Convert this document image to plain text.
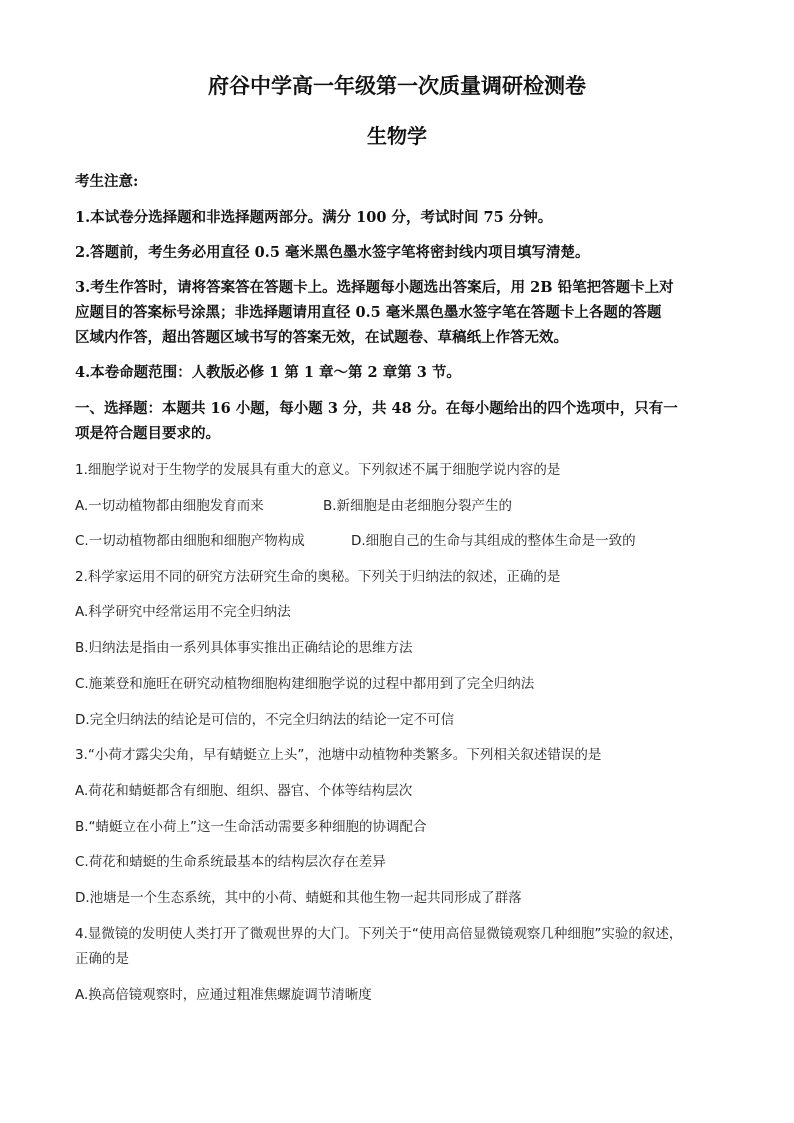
府谷中学高一年级第一次质量调研检测卷
生物学
考生注意:
1.本试卷分选择题和非选择题两部分。满分 100 分，考试时间 75 分钟。
2.答题前，考生务必用直径 0.5 毫米黑色墨水签字笔将密封线内项目填写清楚。
3.考生作答时，请将答案答在答题卡上。选择题每小题选出答案后，用 2B 铅笔把答题卡上对
应题目的答案标号涂黑；非选择题请用直径 0.5 毫米黑色墨水签字笔在答题卡上各题的答题
区域内作答，超出答题区域书写的答案无效，在试题卷、草稿纸上作答无效。
4.本卷命题范围：人教版必修 1 第 1 章～第 2 章第 3 节。
一、选择题：本题共 16 小题，每小题 3 分，共 48 分。在每小题给出的四个选项中，只有一
项是符合题目要求的。
1.细胞学说对于生物学的发展具有重大的意义。下列叙述不属于细胞学说内容的是
A.一切动植物都由细胞发育而来	B.新细胞是由老细胞分裂产生的
C.一切动植物都由细胞和细胞产物构成	D.细胞自己的生命与其组成的整体生命是一致的
2.科学家运用不同的研究方法研究生命的奥秘。下列关于归纳法的叙述，正确的是
A.科学研究中经常运用不完全归纳法
B.归纳法是指由一系列具体事实推出正确结论的思维方法
C.施莱登和施旺在研究动植物细胞构建细胞学说的过程中都用到了完全归纳法
D.完全归纳法的结论是可信的，不完全归纳法的结论一定不可信
3.“小荷才露尖尖角，早有蜻蜓立上头”，池塘中动植物种类繁多。下列相关叙述错误的是
A.荷花和蜻蜓都含有细胞、组织、器官、个体等结构层次
B.“蜻蜓立在小荷上”这一生命活动需要多种细胞的协调配合
C.荷花和蜻蜓的生命系统最基本的结构层次存在差异
D.池塘是一个生态系统，其中的小荷、蜻蜓和其他生物一起共同形成了群落
4.显微镜的发明使人类打开了微观世界的大门。下列关于“使用高倍显微镜观察几种细胞”实验的叙述，
正确的是
A.换高倍镜观察时，应通过粗准焦螺旋调节清晰度
